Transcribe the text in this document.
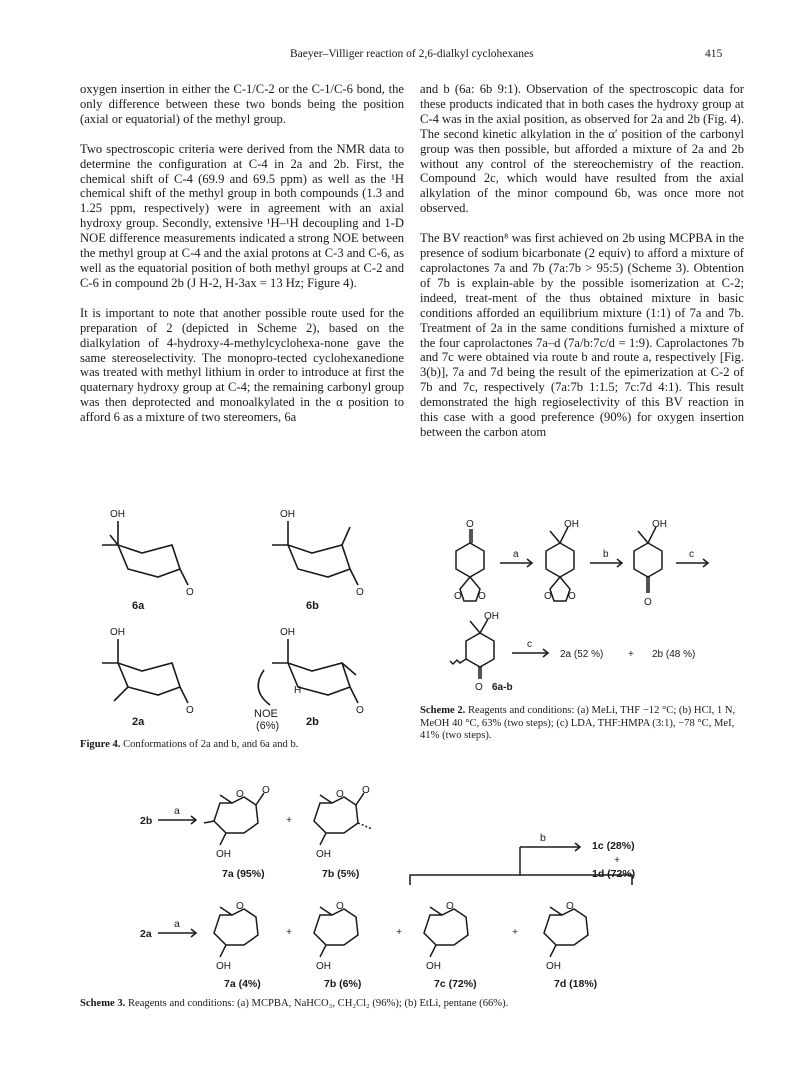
Baeyer–Villiger reaction of 2,6-dialkyl cyclohexanes	415

oxygen insertion in either the C-1/C-2 or the C-1/C-6 bond, the only difference between these two bonds being the position (axial or equatorial) of the methyl group.

Two spectroscopic criteria were derived from the NMR data to determine the configuration at C-4 in 2a and 2b. First, the chemical shift of C-4 (69.9 and 69.5 ppm) as well as the ¹H chemical shift of the methyl group in both compounds (1.3 and 1.25 ppm, respectively) were in agreement with an axial hydroxy group. Secondly, extensive ¹H–¹H decoupling and 1-D NOE difference measurements indicated a strong NOE between the methyl group at C-4 and the axial protons at C-3 and C-6, as well as the equatorial position of both methyl groups at C-2 and C-6 in compound 2b (J H-2, H-3ax = 13 Hz; Figure 4).

It is important to note that another possible route used for the preparation of 2 (depicted in Scheme 2), based on the dialkylation of 4-hydroxy-4-methylcyclohexa-none gave the same stereoselectivity. The monopro-tected cyclohexanedione was treated with methyl lithium in order to introduce at first the quaternary hydroxy group at C-4; the remaining carbonyl group was then deprotected and monoalkylated in the α position to afford 6 as a mixture of two stereomers, 6a

and b (6a: 6b 9:1). Observation of the spectroscopic data for these products indicated that in both cases the hydroxy group at C-4 was in the axial position, as observed for 2a and 2b (Fig. 4). The second kinetic alkylation in the α′ position of the carbonyl group was then possible, but afforded a mixture of 2a and 2b without any control of the stereochemistry of the reaction. Compound 2c, which would have resulted from the axial alkylation of the minor compound 6b, was once more not observed.

The BV reaction⁸ was first achieved on 2b using MCPBA in the presence of sodium bicarbonate (2 equiv) to afford a mixture of caprolactones 7a and 7b (7a:7b > 95:5) (Scheme 3). Obtention of 7b is explain-able by the possible isomerization at C-2; indeed, treat-ment of the thus obtained mixture in basic conditions afforded an equilibrium mixture (1:1) of 7a and 7b. Treatment of 2a in the same conditions furnished a mixture of the four caprolactones 7a–d (7a/b:7c/d = 1:9). Caprolactones 7b and 7c were obtained via route b and route a, respectively [Fig. 3(b)], 7a and 7d being the result of the epimerization at C-2 of 7b and 7c, respectively (7a:7b 1:1.5; 7c:7d 4:1). This result demonstrated the high regioselectivity of this BV reaction in this case with a good preference (90%) for oxygen insertion between the carbon atom

OH	OH
OH	OH
O	O
O	O
H
6a	6b
2a	2b
NOE
(6%)
Figure 4. Conformations of 2a and b, and 6a and b.
O
O O
OH
O O
OH
O
OH
O
a	b	c
c
2a (52 %) + 2b (48 %)
6a-b
Scheme 2. Reagents and conditions: (a) MeLi, THF −12 °C; (b) HCl, 1 N, MeOH 40 °C, 63% (two steps); (c) LDA, THF:HMPA (3:1), −78 °C, MeI, 41% (two steps).
O O
OH
O O
OH
OH	OH	OH	OH
O	O	O	O
2b
a
+
7a (95%)	7b (5%)
b
1c (28%)
+
1d (72%)
2a
a
+	+	+
7a (4%)	7b (6%)	7c (72%)	7d (18%)
Scheme 3. Reagents and conditions: (a) MCPBA, NaHCO₃, CH₂Cl₂ (96%); (b) EtLi, pentane (66%).
